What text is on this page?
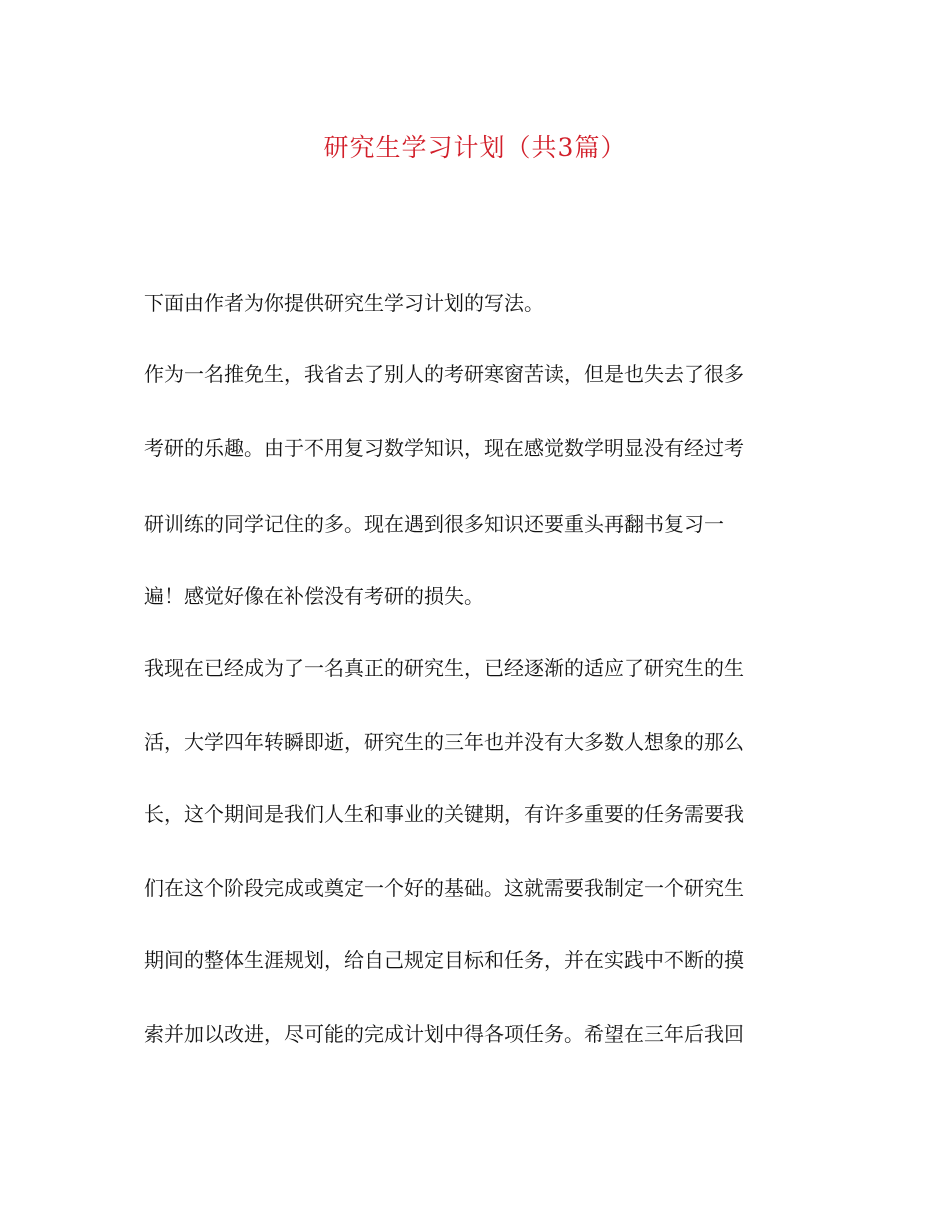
研究生学习计划（共3篇）
下面由作者为你提供研究生学习计划的写法。
作为一名推免生，我省去了别人的考研寒窗苦读，但是也失去了很多
考研的乐趣。由于不用复习数学知识，现在感觉数学明显没有经过考
研训练的同学记住的多。现在遇到很多知识还要重头再翻书复习一
遍！感觉好像在补偿没有考研的损失。
我现在已经成为了一名真正的研究生，已经逐渐的适应了研究生的生
活，大学四年转瞬即逝，研究生的三年也并没有大多数人想象的那么
长，这个期间是我们人生和事业的关键期，有许多重要的任务需要我
们在这个阶段完成或奠定一个好的基础。这就需要我制定一个研究生
期间的整体生涯规划，给自己规定目标和任务，并在实践中不断的摸
索并加以改进，尽可能的完成计划中得各项任务。希望在三年后我回
